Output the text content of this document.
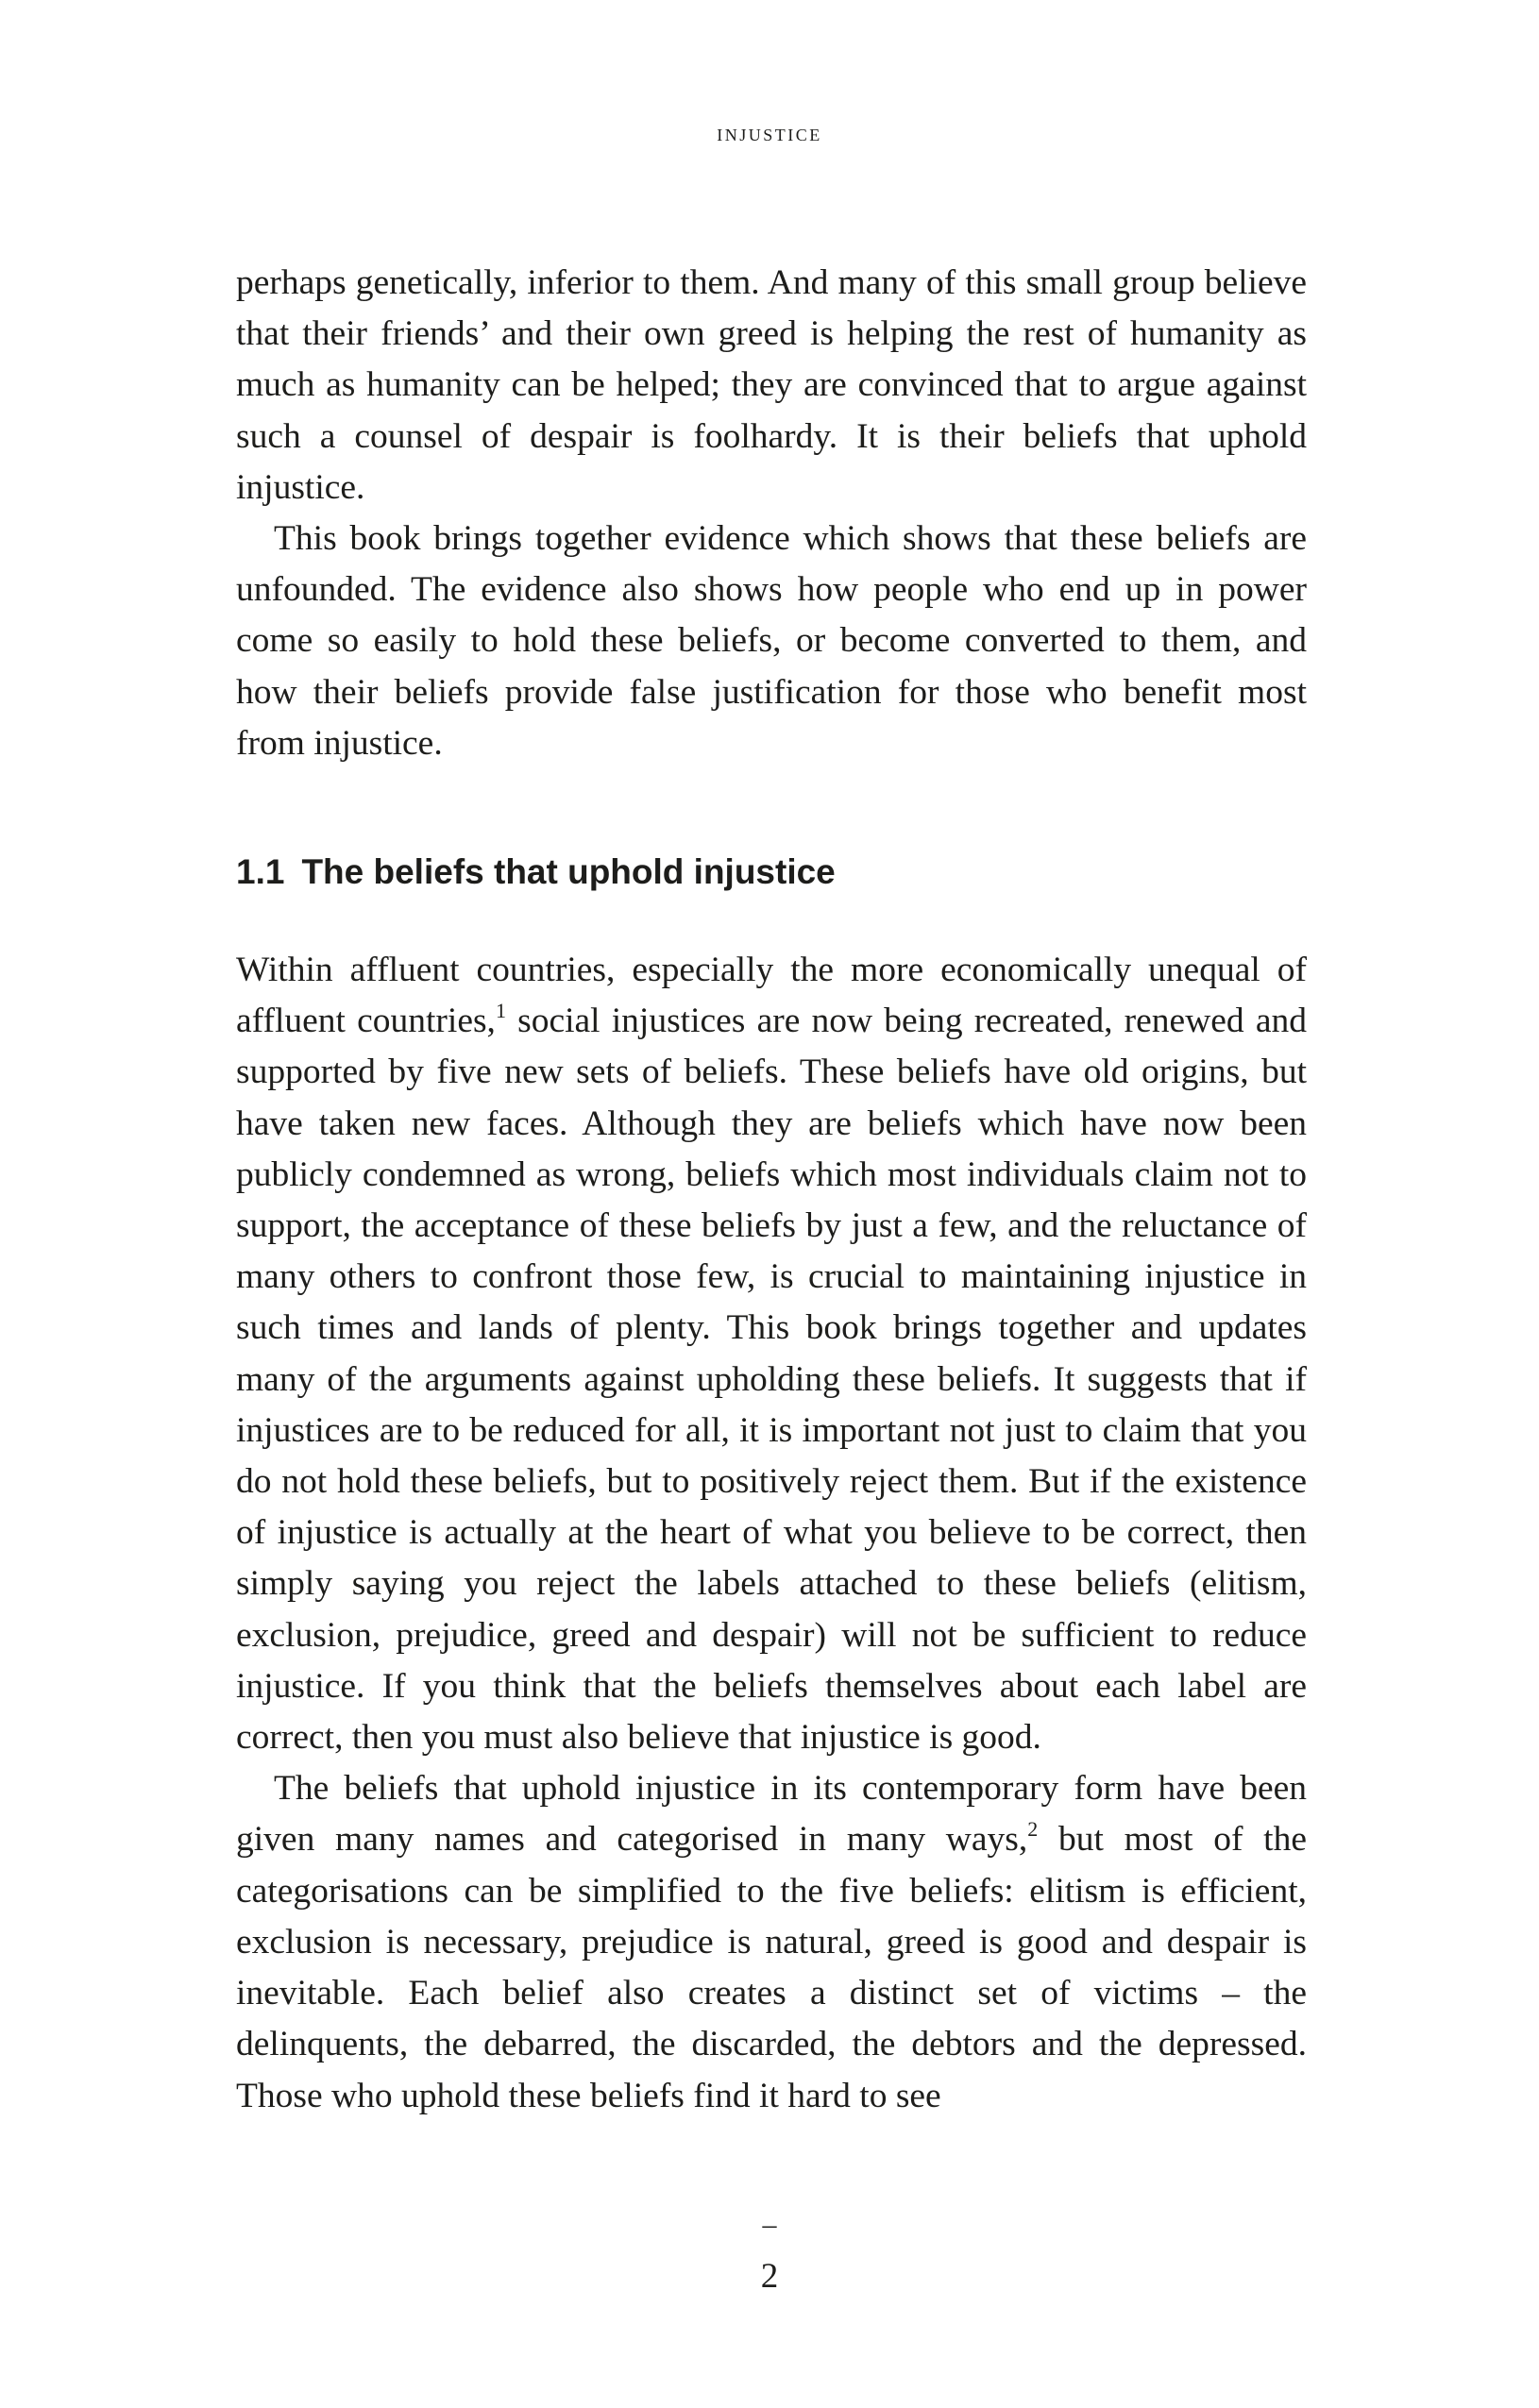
injustice

perhaps genetically, inferior to them. And many of this small group believe that their friends’ and their own greed is helping the rest of humanity as much as humanity can be helped; they are convinced that to argue against such a counsel of despair is foolhardy. It is their beliefs that uphold injustice.

This book brings together evidence which shows that these beliefs are unfounded. The evidence also shows how people who end up in power come so easily to hold these beliefs, or become converted to them, and how their beliefs provide false justification for those who benefit most from injustice.

1.1 The beliefs that uphold injustice

Within affluent countries, especially the more economically unequal of affluent countries,$^1$ social injustices are now being recreated, renewed and supported by five new sets of beliefs. These beliefs have old origins, but have taken new faces. Although they are beliefs which have now been publicly condemned as wrong, beliefs which most individuals claim not to support, the acceptance of these beliefs by just a few, and the reluctance of many others to confront those few, is crucial to maintaining injustice in such times and lands of plenty. This book brings together and updates many of the arguments against upholding these beliefs. It suggests that if injustices are to be reduced for all, it is important not just to claim that you do not hold these beliefs, but to positively reject them. But if the existence of injustice is actually at the heart of what you believe to be correct, then simply saying you reject the labels attached to these beliefs (elitism, exclusion, prejudice, greed and despair) will not be sufficient to reduce injustice. If you think that the beliefs themselves about each label are correct, then you must also believe that injustice is good.

The beliefs that uphold injustice in its contemporary form have been given many names and categorised in many ways,$^2$ but most of the categorisations can be simplified to the five beliefs: elitism is efficient, exclusion is necessary, prejudice is natural, greed is good and despair is inevitable. Each belief also creates a distinct set of victims – the delinquents, the debarred, the discarded, the debtors and the depressed. Those who uphold these beliefs find it hard to see

–
2
